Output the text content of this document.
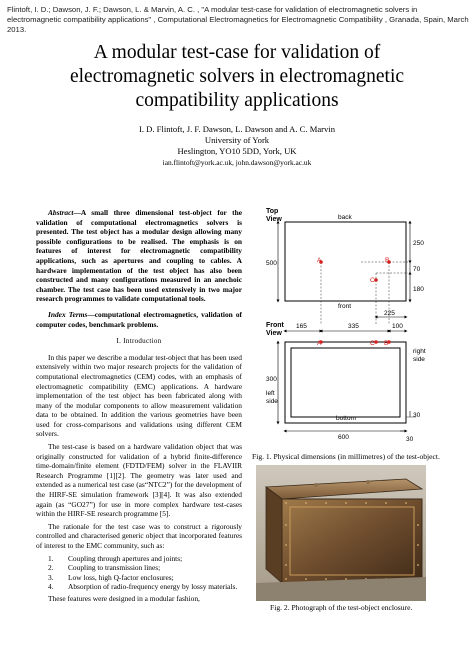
Flintoft, I. D.; Dawson, J. F.; Dawson, L. & Marvin, A. C. , "A modular test-case for validation of electromagnetic solvers in electromagnetic compatibility applications" , Computational Electromagnetics for Electromagnetic Compatibility , Granada, Spain, March 2013.
A modular test-case for validation of
electromagnetic solvers in electromagnetic
compatibility applications
I. D. Flintoft, J. F. Dawson, L. Dawson and A. C. Marvin
University of York
Heslington, YO10 5DD, York, UK
ian.flintoft@york.ac.uk, john.dawson@york.ac.uk

Abstract—A small three dimensional test-object for the validation of computational electromagnetics solvers is presented. The test object has a modular design allowing many possible configurations to be realised. The emphasis is on features of interest for electromagnetic compatibility applications, such as apertures and coupling to cables. A hardware implementation of the test object has also been constructed and many configurations measured in an anechoic chamber. The test case has been used extensively in two major research programmes to validate computational tools.

Index Terms—computational electromagnetics, validation of computer codes, benchmark problems.

I. Introduction

In this paper we describe a modular test-object that has been used extensively within two major research projects for the validation of computational electromagnetics (CEM) codes, with an emphasis of electromagnetic compatibility (EMC) applications. A hardware implementation of the test object has been fabricated along with many of the modular components to allow measurement validation data to be obtained. In addition the various geometries have been used for cross-comparisons and validations using different CEM solvers.

The test-case is based on a hardware validation object that was originally constructed for validation of a hybrid finite-difference time-domain/finite element (FDTD/FEM) solver in the FLAVIIR Research Programme [1][2]. The geometry was later used and extended as a numerical test case (as“NTC2”) for the development of the HIRF-SE simulation framework [3][4]. It was also extended again (as “GO27”) for use in more complex hardware test-cases within the HIRF-SE research programme [5].

The rationale for the test case was to construct a rigorously controlled and characterised generic object that incorporated features of interest to the EMC community, such as:

1. Coupling through apertures and joints;
2. Coupling to transmission lines;
3. Low loss, high Q-factor enclosures;
4. Absorption of radio-frequency energy by lossy materials.

These features were designed in a modular fashion,

Top
View	back
front
500
250
70
180
A	B
C
225
Front
View
165	335	100
A	C B
300
left
side
right
side
30
bottom
600	30
Fig. 1. Physical dimensions (in millimetres) of the test-object.
Fig. 2. Photograph of the test-object enclosure.
